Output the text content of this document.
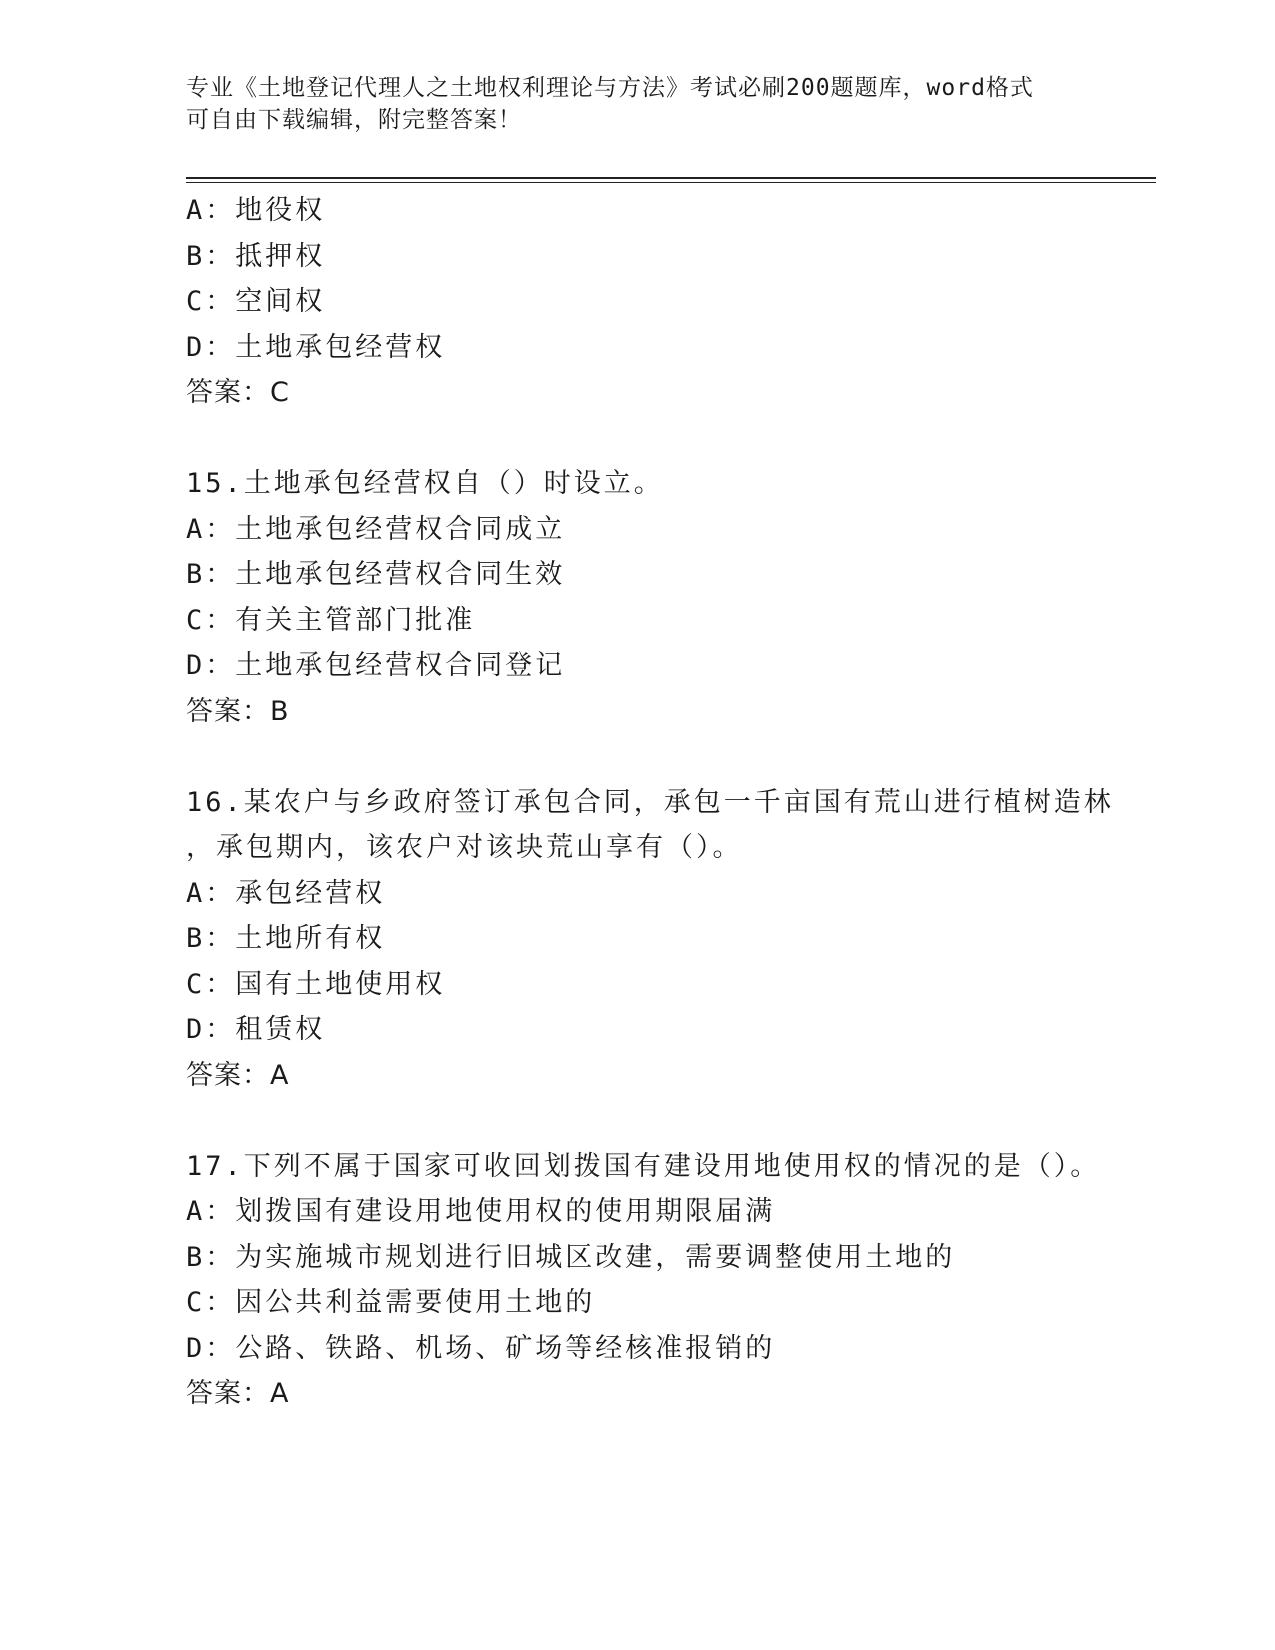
专业《土地登记代理人之土地权利理论与方法》考试必刷200题题库，word格式
可自由下载编辑，附完整答案！
A：地役权
B：抵押权
C：空间权
D：土地承包经营权
答案：C
15.土地承包经营权自（）时设立。
A：土地承包经营权合同成立
B：土地承包经营权合同生效
C：有关主管部门批准
D：土地承包经营权合同登记
答案：B
16.某农户与乡政府签订承包合同，承包一千亩国有荒山进行植树造林
，承包期内，该农户对该块荒山享有（）。
A：承包经营权
B：土地所有权
C：国有土地使用权
D：租赁权
答案：A
17.下列不属于国家可收回划拨国有建设用地使用权的情况的是（）。
A：划拨国有建设用地使用权的使用期限届满
B：为实施城市规划进行旧城区改建，需要调整使用土地的
C：因公共利益需要使用土地的
D：公路、铁路、机场、矿场等经核准报销的
答案：A
